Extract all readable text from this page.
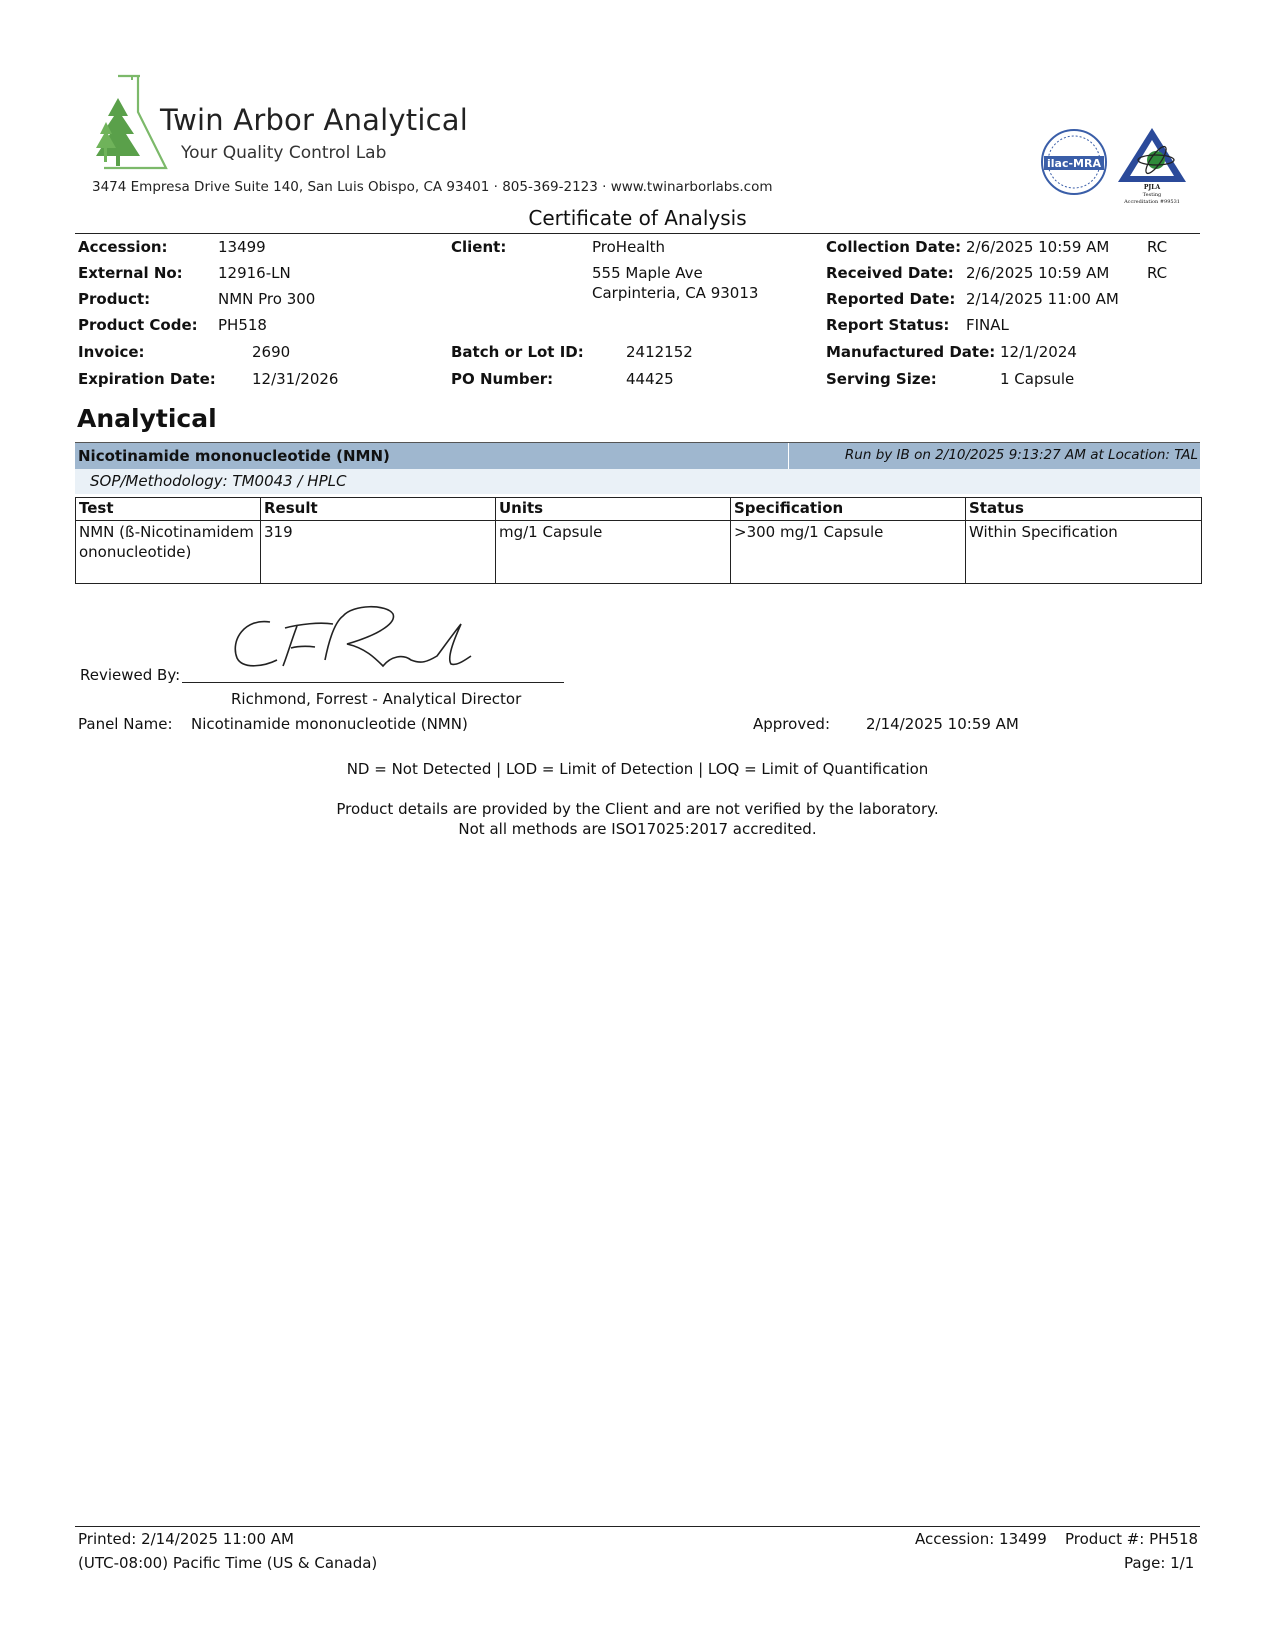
Twin Arbor Analytical
Your Quality Control Lab
3474 Empresa Drive Suite 140, San Luis Obispo, CA 93401 · 805-369-2123 · www.twinarborlabs.com
ilac-MRA
PJLA
Testing
Accreditation #99531
Certificate of Analysis
Accession:	13499
External No: 12916-LN
Product:	NMN Pro 300
Product Code: PH518
Invoice:	2690
Expiration Date: 12/31/2026
Client:	ProHealth
555 Maple Ave
Carpinteria, CA 93013
Batch or Lot ID:	2412152
PO Number:	44425
Collection Date: 2/6/2025 10:59 AM	RC
Received Date: 2/6/2025 10:59 AM	RC
Reported Date: 2/14/2025 11:00 AM
Report Status: FINAL
Manufactured Date: 12/1/2024
Serving Size:	1 Capsule
Analytical
Nicotinamide mononucleotide (NMN)	Run by IB on 2/10/2025 9:13:27 AM at Location: TAL
SOP/Methodology: TM0043 / HPLC
Test	Result	Units	Specification	Status
NMN (ß-Nicotinamidemononucleotide)	319	mg/1 Capsule	>300 mg/1 Capsule	Within Specification
Reviewed By:
Richmond, Forrest - Analytical Director
Panel Name: Nicotinamide mononucleotide (NMN)	Approved: 2/14/2025 10:59 AM
ND = Not Detected | LOD = Limit of Detection | LOQ = Limit of Quantification
Product details are provided by the Client and are not verified by the laboratory.
Not all methods are ISO17025:2017 accredited.
Printed: 2/14/2025 11:00 AM
(UTC-08:00) Pacific Time (US & Canada)
Accession: 13499 Product #: PH518
Page: 1/1
